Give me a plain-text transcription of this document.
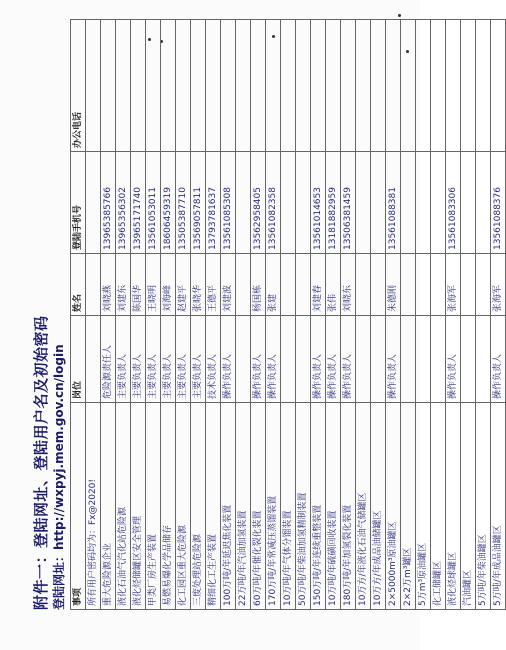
附件一：登陆网址、登陆用户名及初始密码 登陆网址：http://wxpyj.mem.gov.cn/login 事项	岗位	姓名	登陆手机号	办公电话
所有用户密码均为：Fx@2020!				
重大危险源企业	危险源责任人	刘晓燕	13965385766	
液化石油气汽化站危险源	主要负责人	刘建东	13965356302	
液化烃储罐区安全管理	主要负责人	陈国华	13965171740	
甲类厂房生产装置	主要负责人	王晓明	13561053011	
易燃易爆化学品储存	主要负责人	刘海峰	18606459319	
化工园区重大危险源	主要负责人	赵建平	13505387710	
三废处理站危险源	主要负责人	张晓华	13569057811	
精细化工生产装置	技术负责人	王德平	13793781637	
100万吨/年延迟焦化装置	操作负责人	刘建波	13561085308	
22万吨/年汽油加氢装置				
60万吨/年催化裂化装置	操作负责人	杨国栋	13562958405	
170万吨/年常减压蒸馏装置	操作负责人	张建	13561082358	
10万吨/年气体分馏装置				
50万吨/年柴油加氢精制装置				
150万吨/年连续重整装置	操作负责人	刘建春	13561014653	
10万吨/年硫磺回收装置	操作负责人	张伟	13181882959	
180万吨/年加氢裂化装置	操作负责人	刘晓东	13506381459	
10万方/年液化石油气储罐区				
10万方/年成品油储罐区				
2×5000m³原油罐区	操作负责人	朱德刚	13561088381	
2×2万m³罐区				
5万m³原油罐区				
化工储罐区				
液化烃球罐区	操作负责人	张海军	13561083306	
汽油罐区				
5万吨/年柴油罐区				
5万吨/年成品油罐区	操作负责人	张海军	13561088376	
